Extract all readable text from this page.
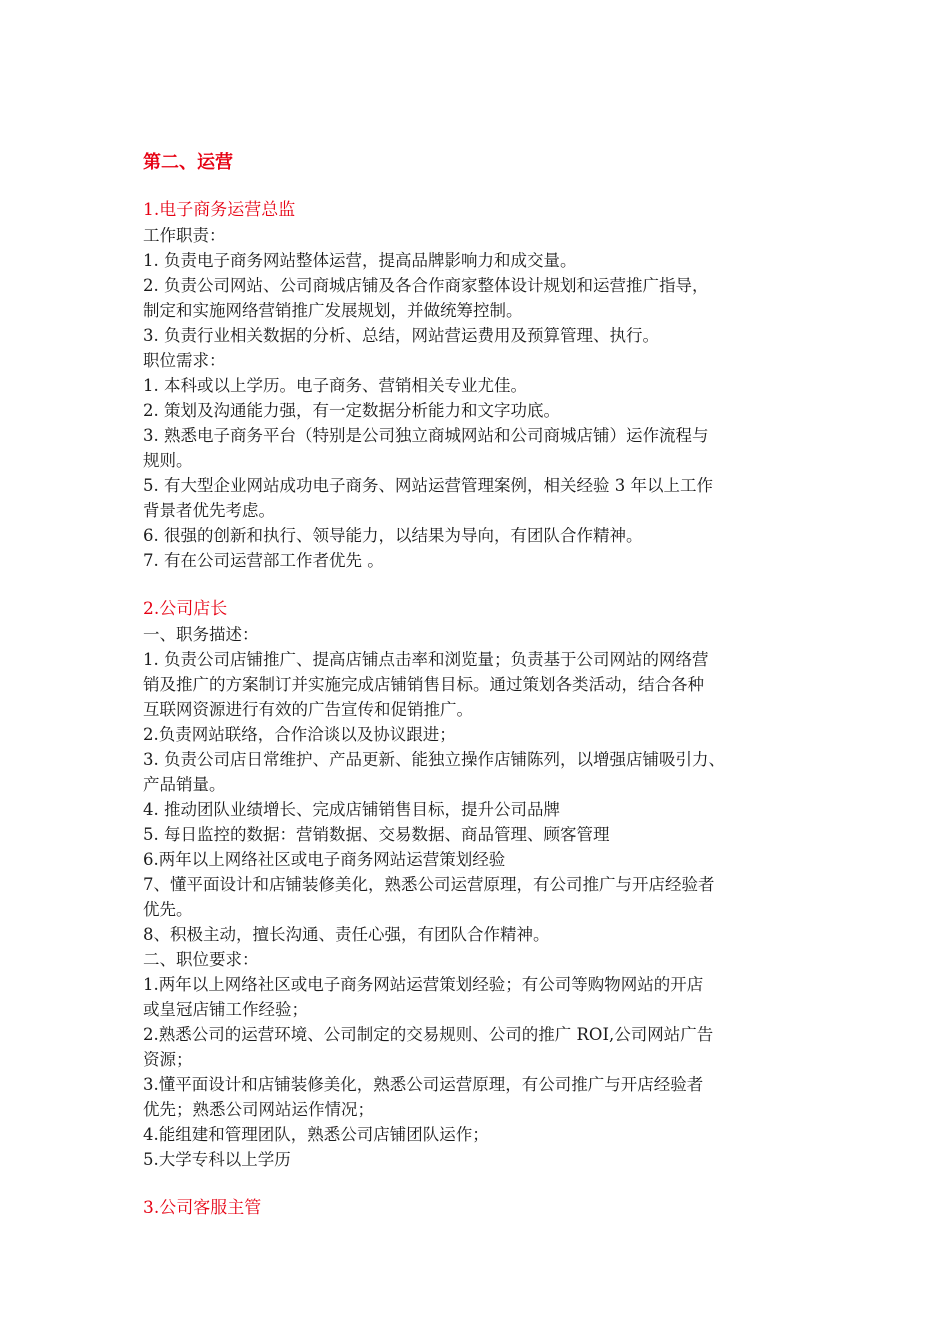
第二、运营
1.电子商务运营总监
工作职责：
1. 负责电子商务网站整体运营，提高品牌影响力和成交量。
2. 负责公司网站、公司商城店铺及各合作商家整体设计规划和运营推广指导，
制定和实施网络营销推广发展规划，并做统筹控制。
3. 负责行业相关数据的分析、总结，网站营运费用及预算管理、执行。
职位需求：
1. 本科或以上学历。电子商务、营销相关专业尤佳。
2. 策划及沟通能力强，有一定数据分析能力和文字功底。
3. 熟悉电子商务平台（特别是公司独立商城网站和公司商城店铺）运作流程与
规则。
5. 有大型企业网站成功电子商务、网站运营管理案例，相关经验 3 年以上工作
背景者优先考虑。
6. 很强的创新和执行、领导能力，以结果为导向，有团队合作精神。
7. 有在公司运营部工作者优先 。
2.公司店长
一、职务描述：
1. 负责公司店铺推广、提高店铺点击率和浏览量；负责基于公司网站的网络营
销及推广的方案制订并实施完成店铺销售目标。通过策划各类活动，结合各种
互联网资源进行有效的广告宣传和促销推广。
2.负责网站联络，合作洽谈以及协议跟进；
3. 负责公司店日常维护、产品更新、能独立操作店铺陈列，以增强店铺吸引力、
产品销量。
4. 推动团队业绩增长、完成店铺销售目标，提升公司品牌
5. 每日监控的数据：营销数据、交易数据、商品管理、顾客管理
6.两年以上网络社区或电子商务网站运营策划经验
7、懂平面设计和店铺装修美化，熟悉公司运营原理，有公司推广与开店经验者
优先。
8、积极主动，擅长沟通、责任心强，有团队合作精神。
二、职位要求：
1.两年以上网络社区或电子商务网站运营策划经验；有公司等购物网站的开店
或皇冠店铺工作经验；
2.熟悉公司的运营环境、公司制定的交易规则、公司的推广 ROI,公司网站广告
资源；
3.懂平面设计和店铺装修美化，熟悉公司运营原理，有公司推广与开店经验者
优先；熟悉公司网站运作情况；
4.能组建和管理团队，熟悉公司店铺团队运作；
5.大学专科以上学历
3.公司客服主管
